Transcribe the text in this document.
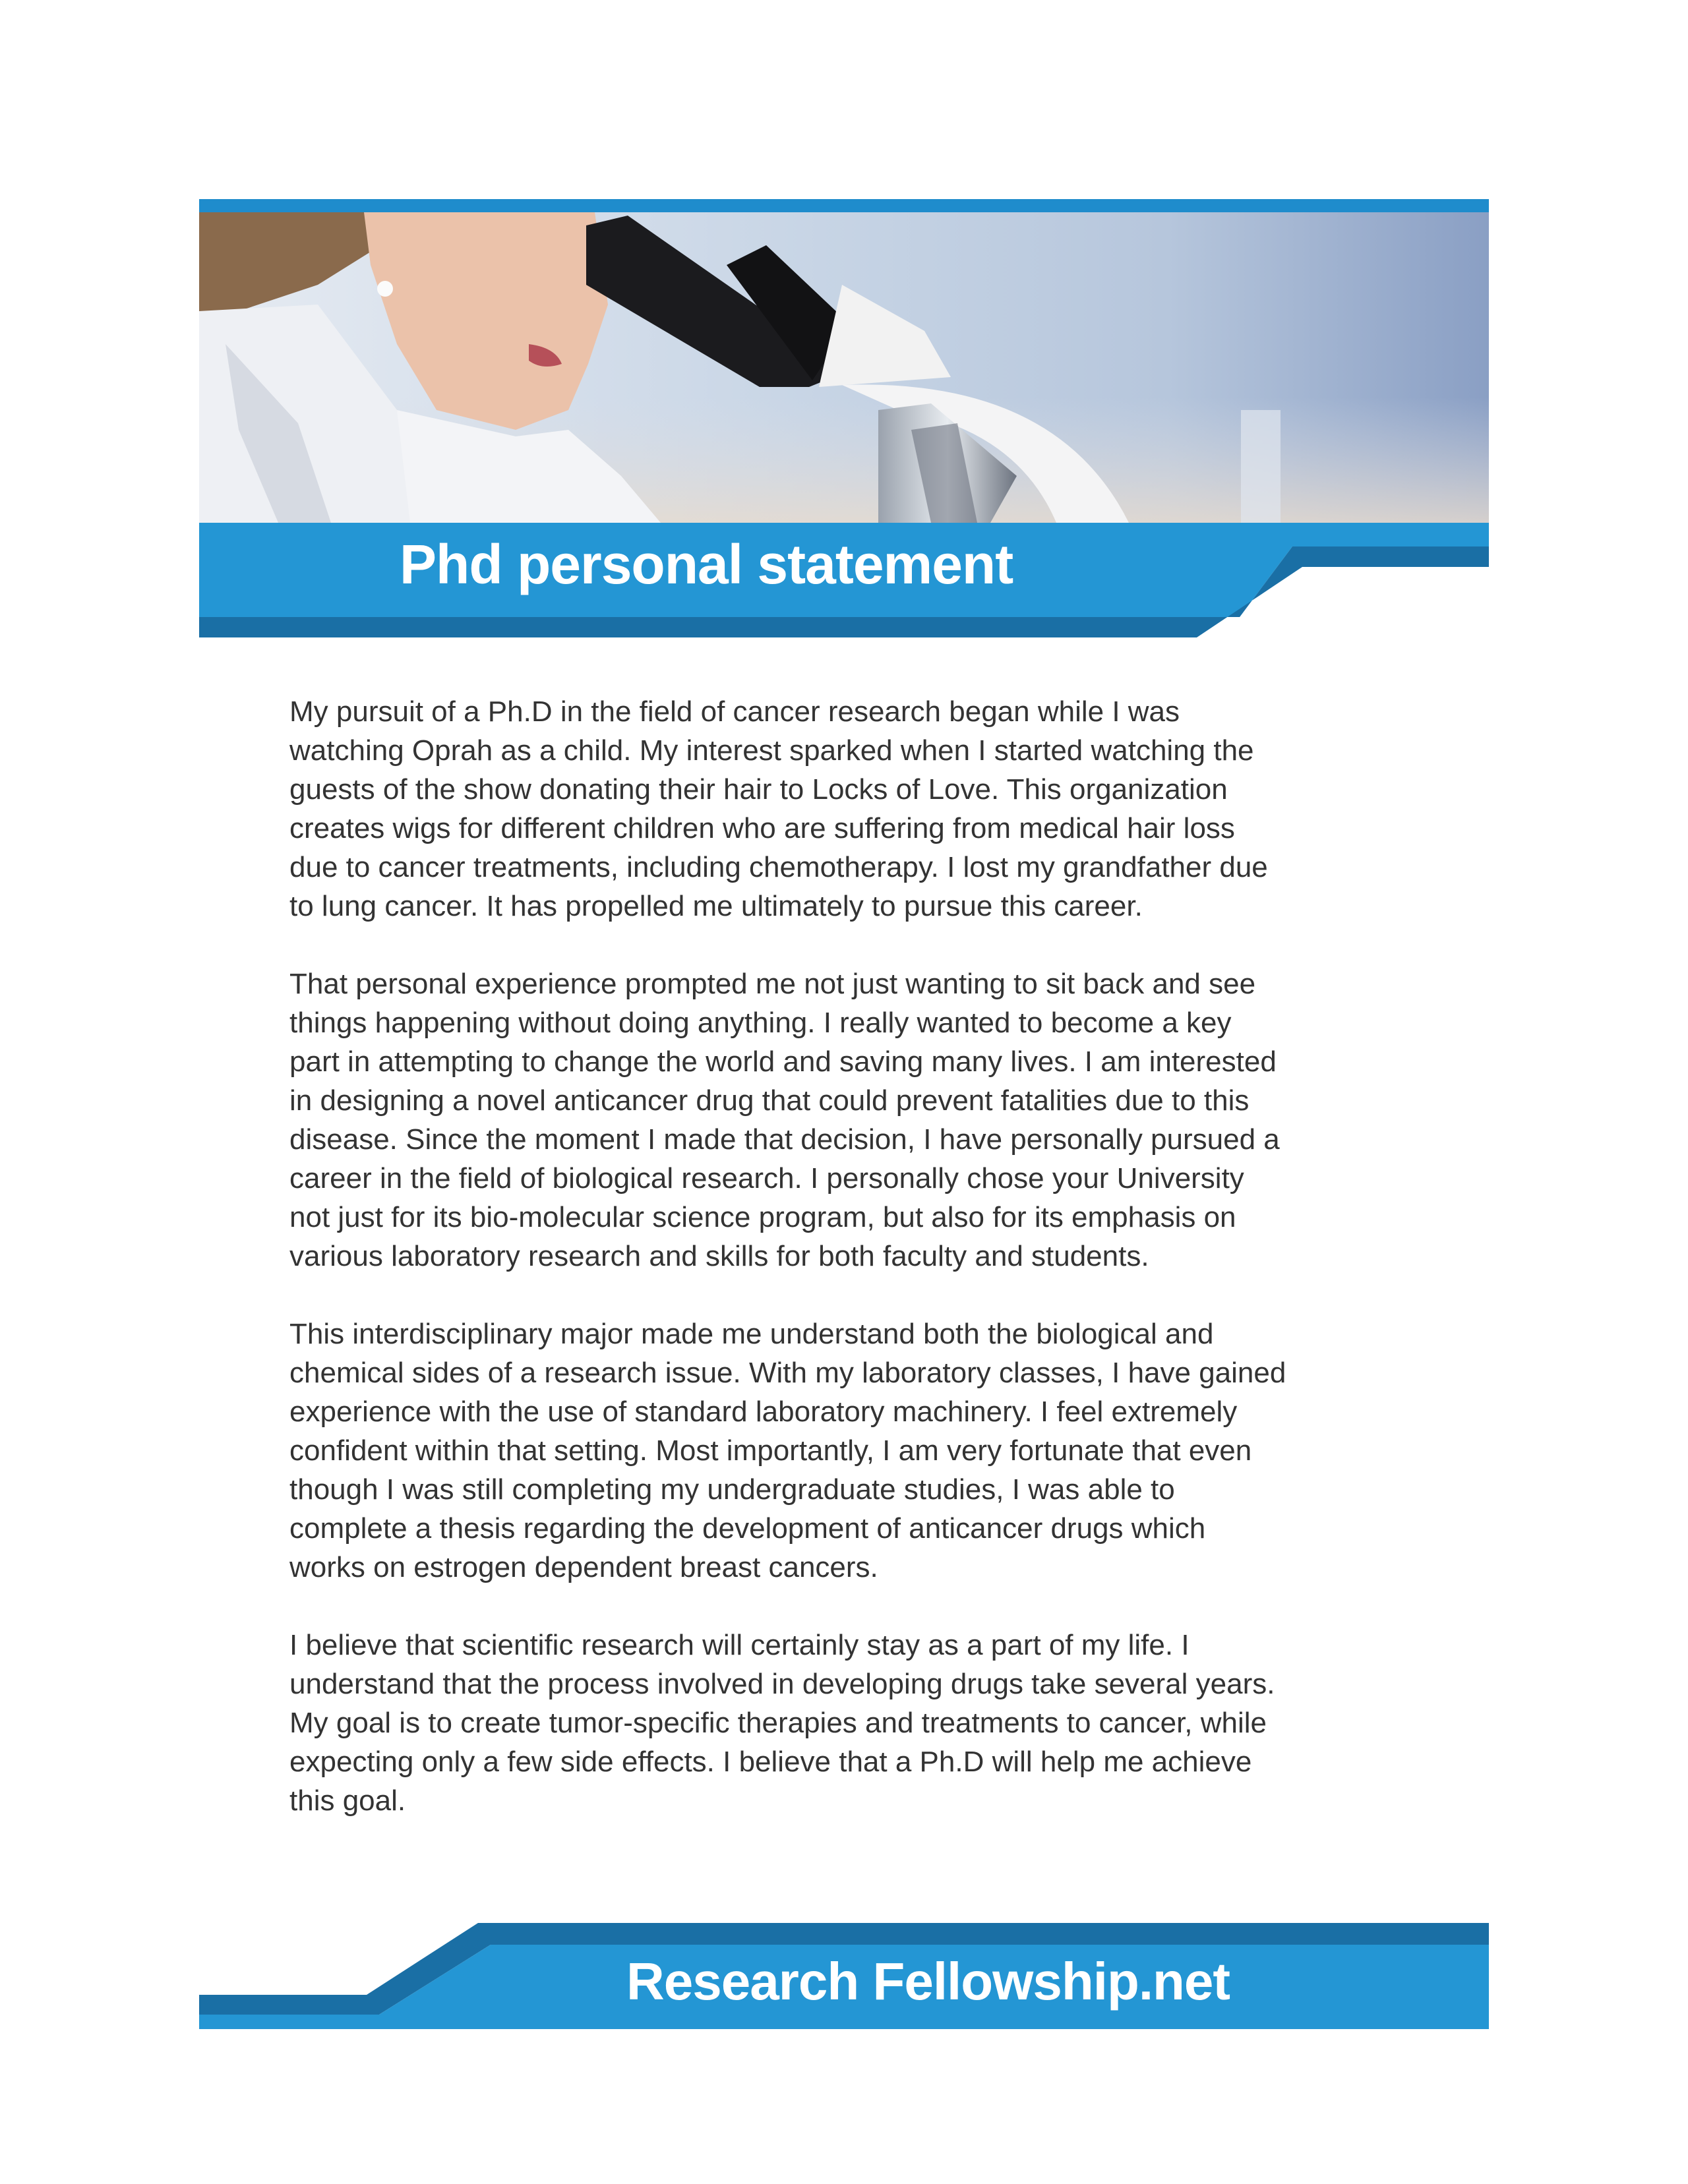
Phd personal statement

My pursuit of a Ph.D in the field of cancer research began while I was
watching Oprah as a child. My interest sparked when I started watching the
guests of the show donating their hair to Locks of Love. This organization
creates wigs for different children who are suffering from medical hair loss
due to cancer treatments, including chemotherapy. I lost my grandfather due
to lung cancer. It has propelled me ultimately to pursue this career.

That personal experience prompted me not just wanting to sit back and see
things happening without doing anything. I really wanted to become a key
part in attempting to change the world and saving many lives. I am interested
in designing a novel anticancer drug that could prevent fatalities due to this
disease. Since the moment I made that decision, I have personally pursued a
career in the field of biological research. I personally chose your University
not just for its bio-molecular science program, but also for its emphasis on
various laboratory research and skills for both faculty and students.

This interdisciplinary major made me understand both the biological and
chemical sides of a research issue. With my laboratory classes, I have gained
experience with the use of standard laboratory machinery. I feel extremely
confident within that setting. Most importantly, I am very fortunate that even
though I was still completing my undergraduate studies, I was able to
complete a thesis regarding the development of anticancer drugs which
works on estrogen dependent breast cancers.

I believe that scientific research will certainly stay as a part of my life. I
understand that the process involved in developing drugs take several years.
My goal is to create tumor-specific therapies and treatments to cancer, while
expecting only a few side effects. I believe that a Ph.D will help me achieve
this goal.

Research Fellowship.net
